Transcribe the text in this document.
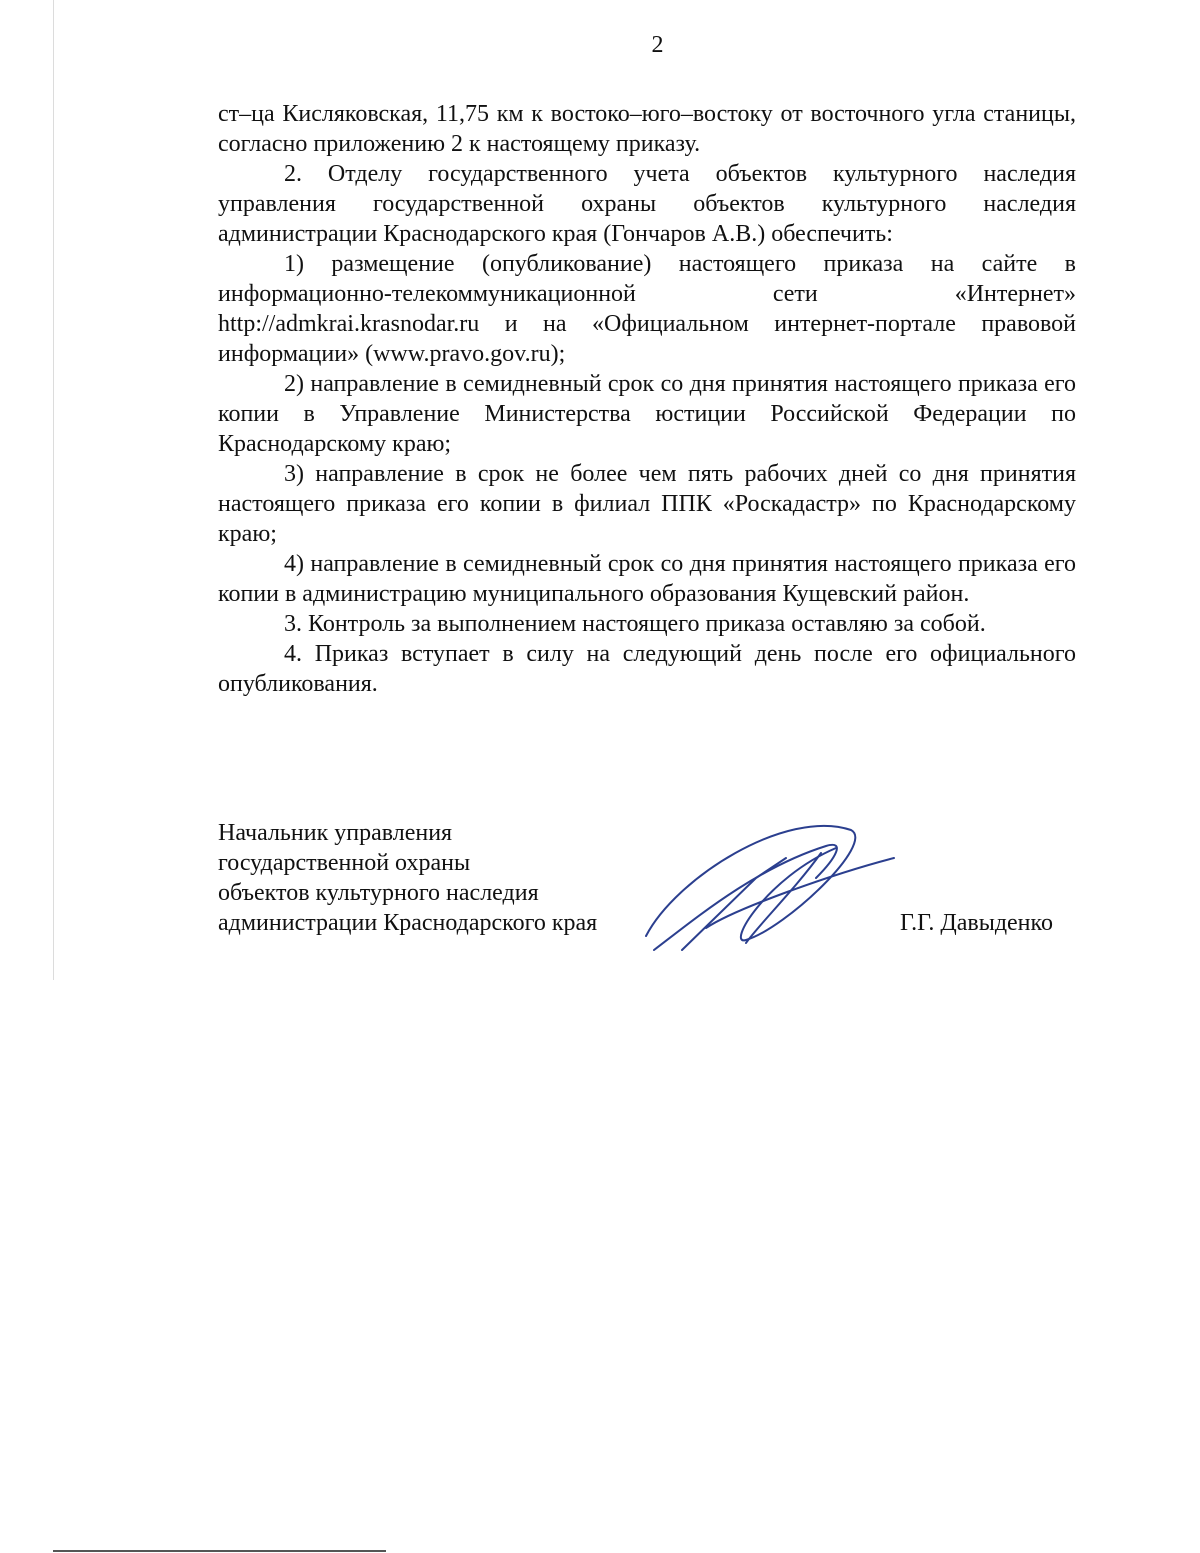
2

ст–ца Кисляковская, 11,75 км к востоко–юго–востоку от восточного угла станицы, согласно приложению 2 к настоящему приказу.

2. Отделу государственного учета объектов культурного наследия управления государственной охраны объектов культурного наследия администрации Краснодарского края (Гончаров А.В.) обеспечить:

1) размещение (опубликование) настоящего приказа на сайте в информационно-телекоммуникационной сети «Интернет» http://admkrai.krasnodar.ru и на «Официальном интернет-портале правовой информации» (www.pravo.gov.ru);

2) направление в семидневный срок со дня принятия настоящего приказа его копии в Управление Министерства юстиции Российской Федерации по Краснодарскому краю;

3) направление в срок не более чем пять рабочих дней со дня принятия настоящего приказа его копии в филиал ППК «Роскадастр» по Краснодарскому краю;

4) направление в семидневный срок со дня принятия настоящего приказа его копии в администрацию муниципального образования Кущевский район.

3. Контроль за выполнением настоящего приказа оставляю за собой.

4. Приказ вступает в силу на следующий день после его официального опубликования.

Начальник управления
государственной охраны
объектов культурного наследия
администрации Краснодарского края	Г.Г. Давыденко
